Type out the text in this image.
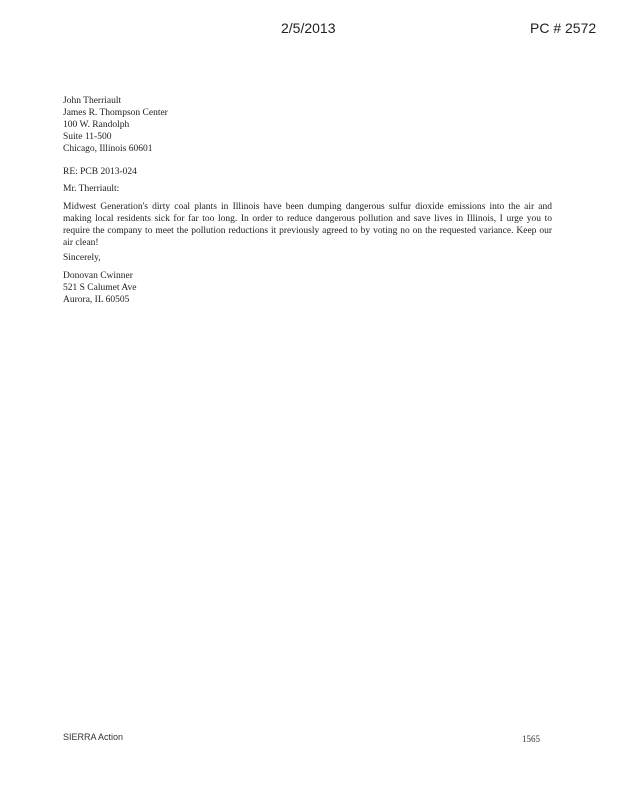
2/5/2013	PC # 2572
John Therriault
James R. Thompson Center
100 W. Randolph
Suite 11-500
Chicago, Illinois 60601
RE: PCB 2013-024
Mr. Therriault:
Midwest Generation's dirty coal plants in Illinois have been dumping dangerous sulfur dioxide emissions into the air and making local residents sick for far too long. In order to reduce dangerous pollution and save lives in Illinois, I urge you to require the company to meet the pollution reductions it previously agreed to by voting no on the requested variance. Keep our air clean!
Sincerely,
Donovan Cwinner
521 S Calumet Ave
Aurora, IL 60505
SIERRA Action	1565
